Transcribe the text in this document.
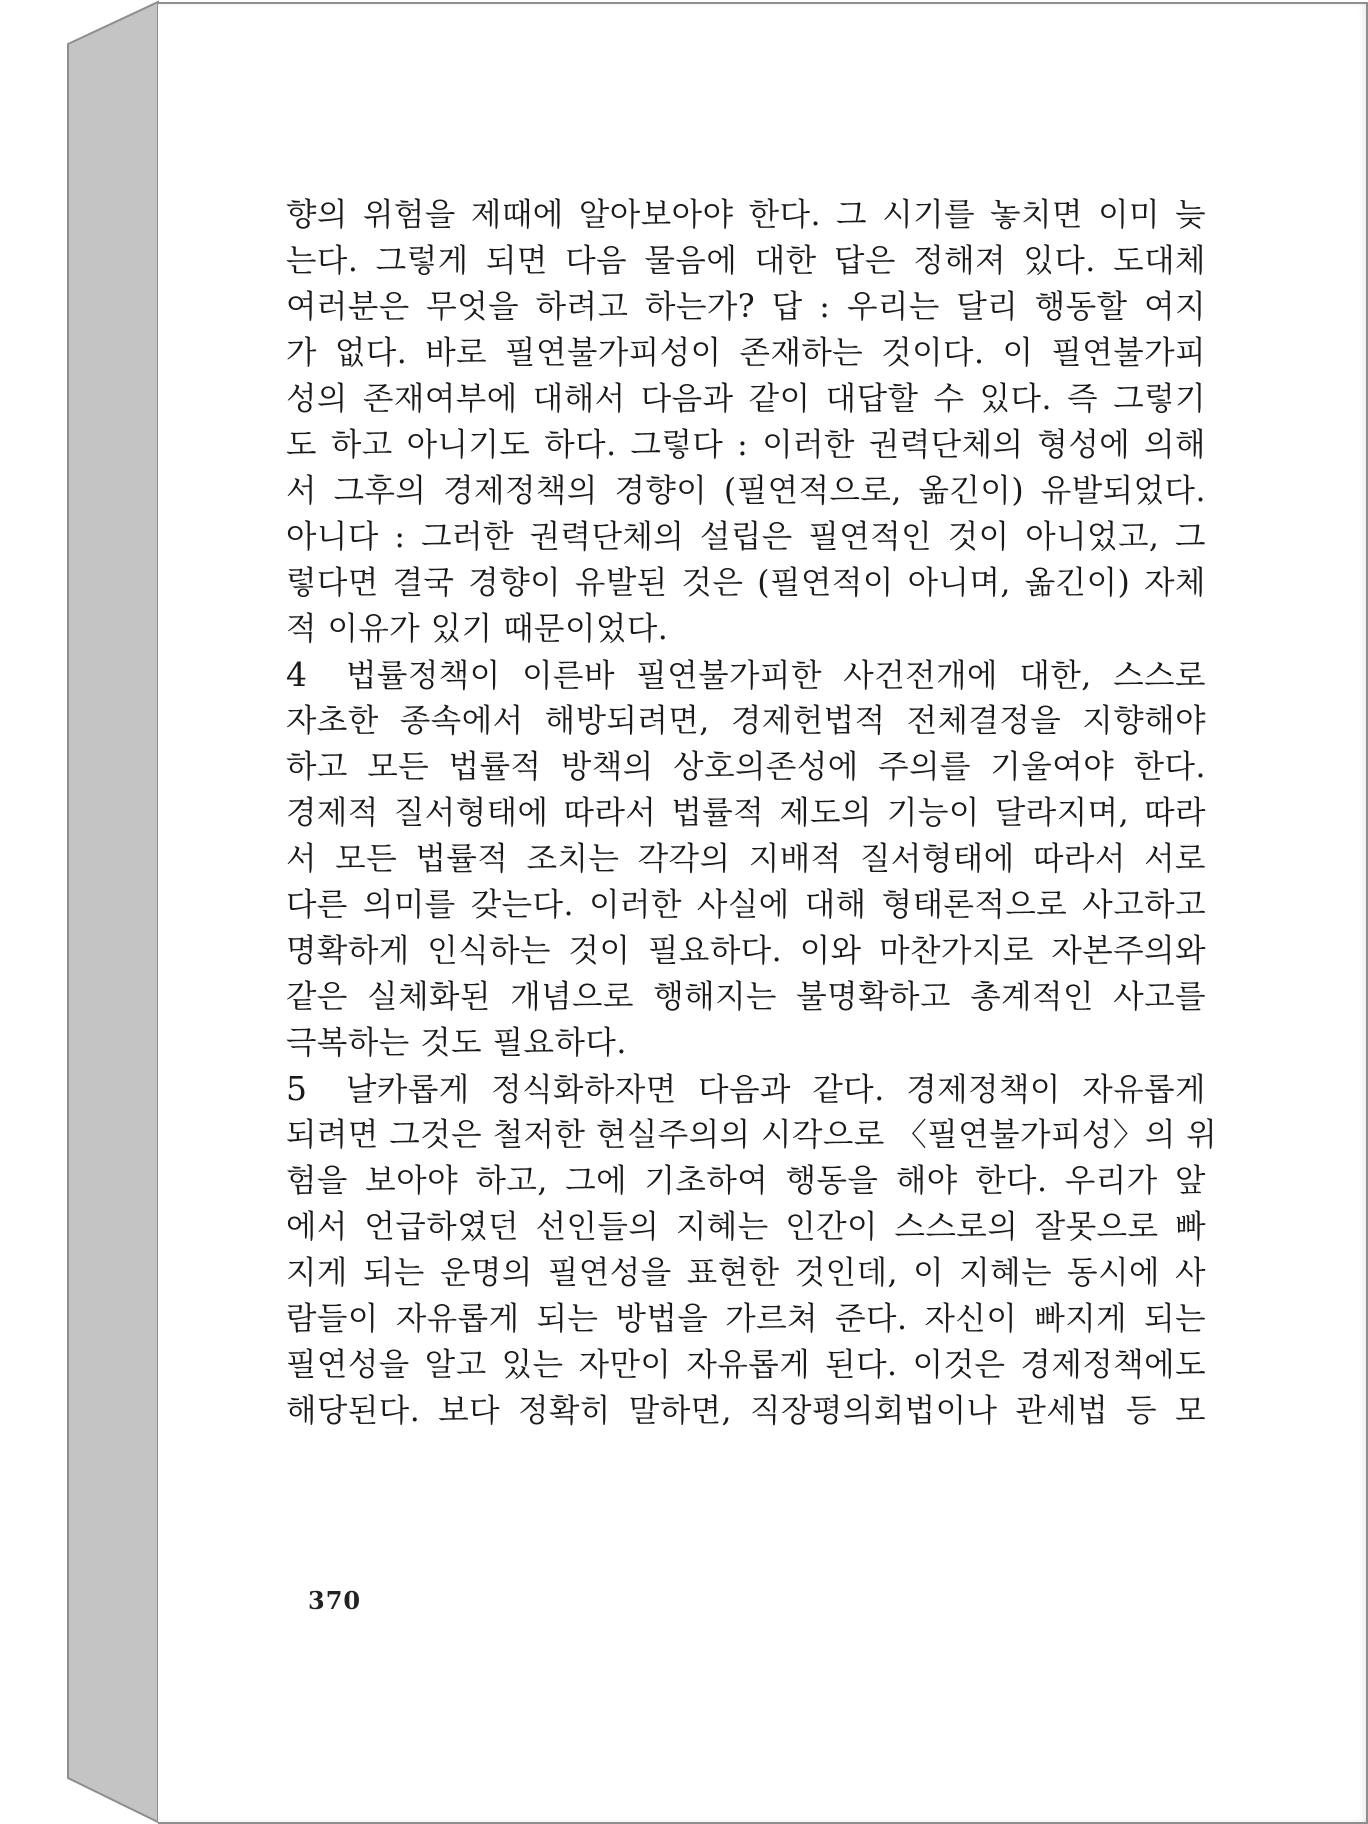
향의 위험을 제때에 알아보아야 한다. 그 시기를 놓치면 이미 늦
는다. 그렇게 되면 다음 물음에 대한 답은 정해져 있다. 도대체
여러분은 무엇을 하려고 하는가? 답 : 우리는 달리 행동할 여지
가 없다. 바로 필연불가피성이 존재하는 것이다. 이 필연불가피
성의 존재여부에 대해서 다음과 같이 대답할 수 있다. 즉 그렇기
도 하고 아니기도 하다. 그렇다 : 이러한 권력단체의 형성에 의해
서 그후의 경제정책의 경향이 (필연적으로, 옮긴이) 유발되었다.
아니다 : 그러한 권력단체의 설립은 필연적인 것이 아니었고, 그
렇다면 결국 경향이 유발된 것은 (필연적이 아니며, 옮긴이) 자체
적 이유가 있기 때문이었다.
4 법률정책이 이른바 필연불가피한 사건전개에 대한, 스스로
자초한 종속에서 해방되려면, 경제헌법적 전체결정을 지향해야
하고 모든 법률적 방책의 상호의존성에 주의를 기울여야 한다.
경제적 질서형태에 따라서 법률적 제도의 기능이 달라지며, 따라
서 모든 법률적 조치는 각각의 지배적 질서형태에 따라서 서로
다른 의미를 갖는다. 이러한 사실에 대해 형태론적으로 사고하고
명확하게 인식하는 것이 필요하다. 이와 마찬가지로 자본주의와
같은 실체화된 개념으로 행해지는 불명확하고 총계적인 사고를
극복하는 것도 필요하다.
5 날카롭게 정식화하자면 다음과 같다. 경제정책이 자유롭게
되려면 그것은 철저한 현실주의의 시각으로 〈필연불가피성〉의 위
험을 보아야 하고, 그에 기초하여 행동을 해야 한다. 우리가 앞
에서 언급하였던 선인들의 지혜는 인간이 스스로의 잘못으로 빠
지게 되는 운명의 필연성을 표현한 것인데, 이 지혜는 동시에 사
람들이 자유롭게 되는 방법을 가르쳐 준다. 자신이 빠지게 되는
필연성을 알고 있는 자만이 자유롭게 된다. 이것은 경제정책에도
해당된다. 보다 정확히 말하면, 직장평의회법이나 관세법 등 모
370
